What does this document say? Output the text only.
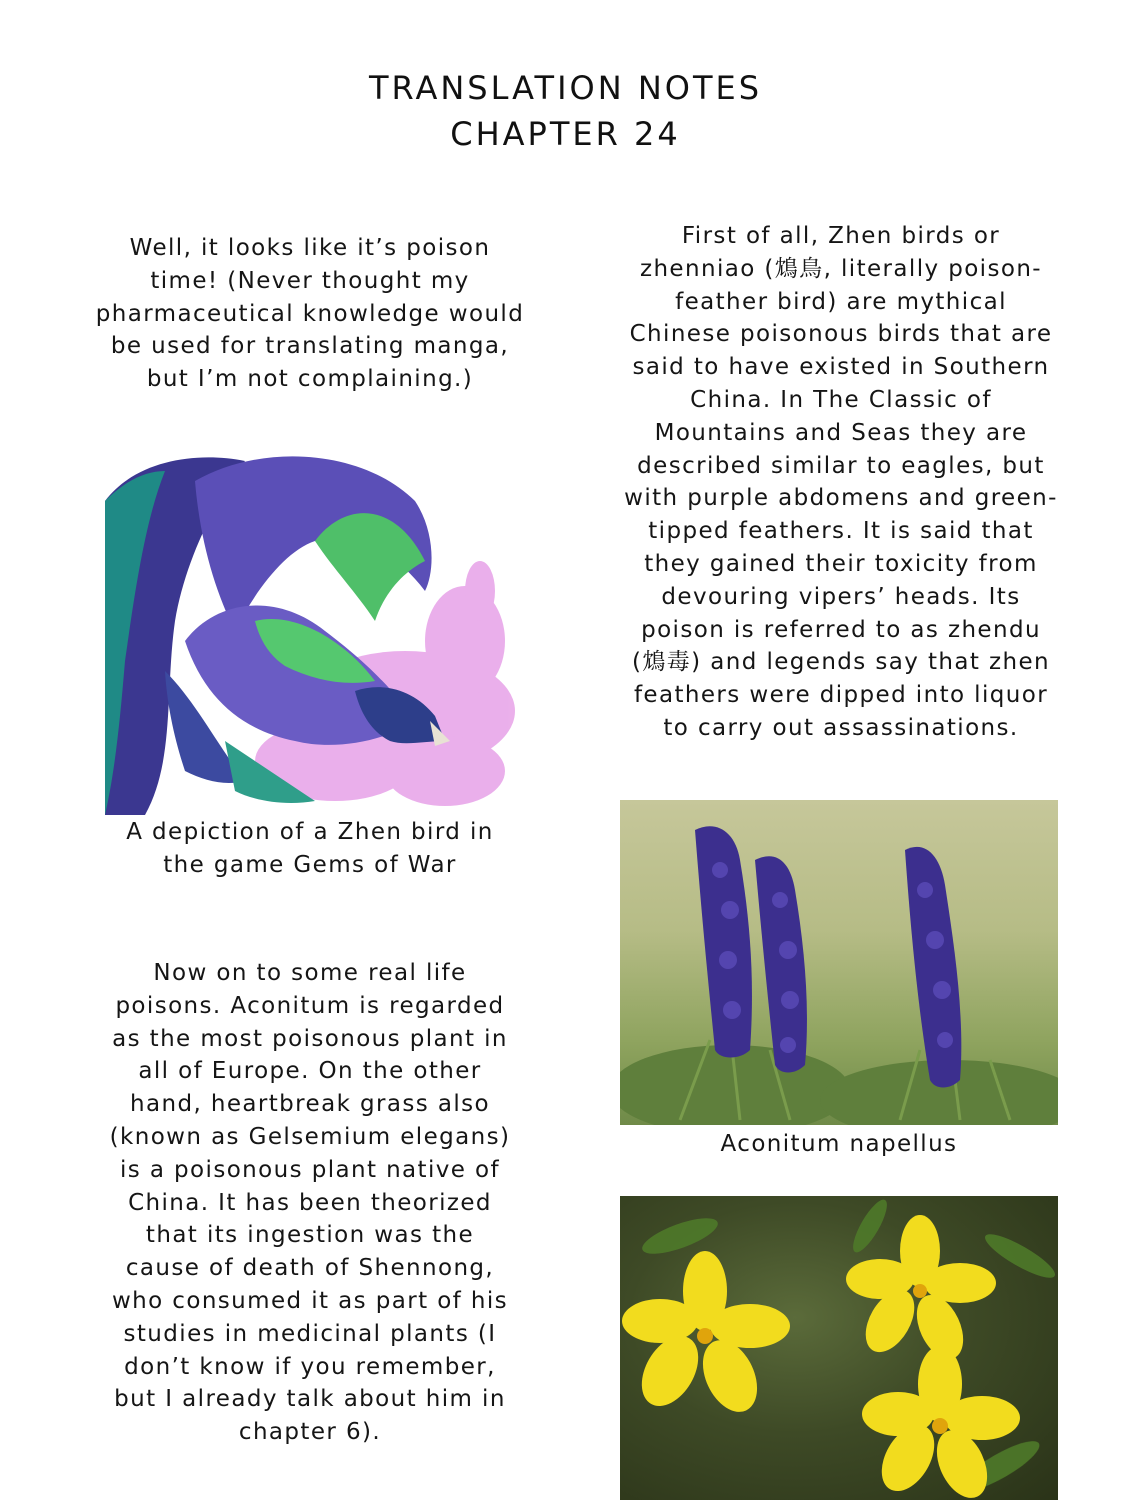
TRANSLATION NOTES
CHAPTER 24
Well, it looks like it’s poison
time! (Never thought my
pharmaceutical knowledge would
be used for translating manga,
but I’m not complaining.)
First of all, Zhen birds or
zhenniao (鴆鳥, literally poison-
feather bird) are mythical
Chinese poisonous birds that are
said to have existed in Southern
China. In The Classic of
Mountains and Seas they are
described similar to eagles, but
with purple abdomens and green-
tipped feathers. It is said that
they gained their toxicity from
devouring vipers’ heads. Its
poison is referred to as zhendu
(鴆毒) and legends say that zhen
feathers were dipped into liquor
to carry out assassinations.
A depiction of a Zhen bird in
the game Gems of War
Aconitum napellus
Now on to some real life
poisons. Aconitum is regarded
as the most poisonous plant in
all of Europe. On the other
hand, heartbreak grass also
(known as Gelsemium elegans)
is a poisonous plant native of
China. It has been theorized
that its ingestion was the
cause of death of Shennong,
who consumed it as part of his
studies in medicinal plants (I
don’t know if you remember,
but I already talk about him in
chapter 6).
